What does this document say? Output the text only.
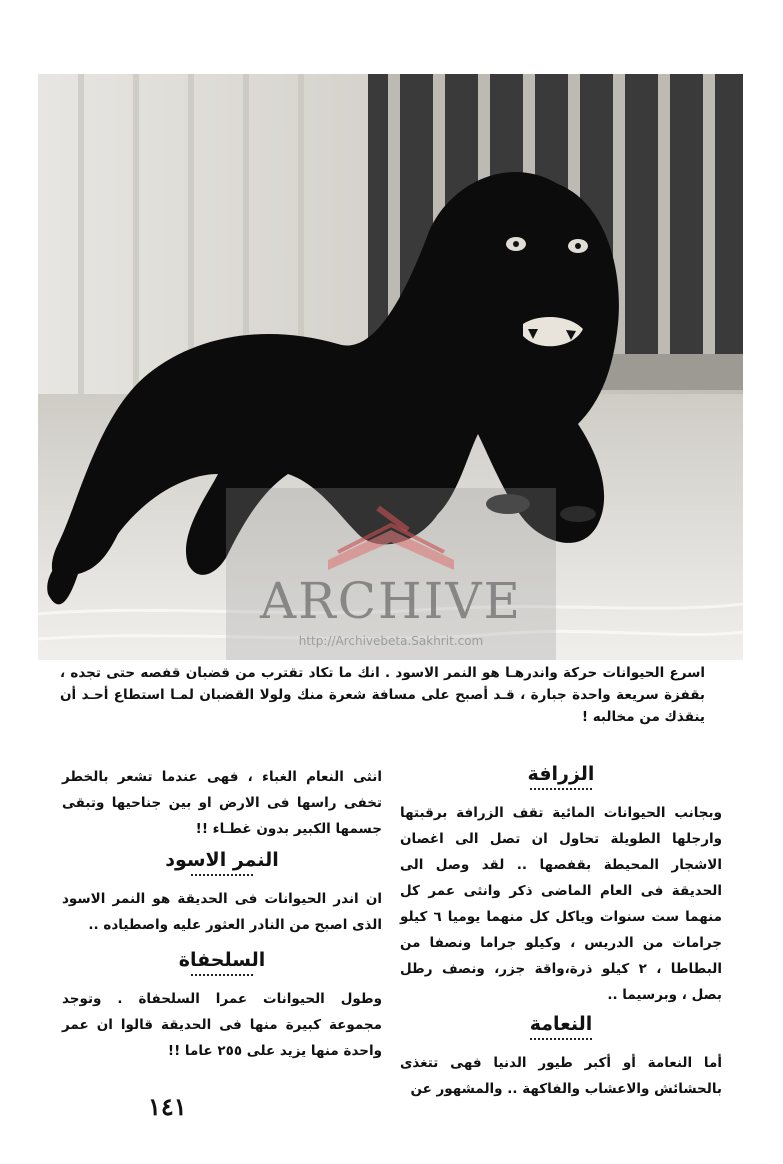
ARCHIVE
http://Archivebeta.Sakhrit.com
اسرع الحيوانات حركة واندرهـا هو النمر الاسود . انك ما تكاد تقترب من قضبان قفصه حتى تجده ، بقفزة سريعة واحدة جبارة ، قـد أصبح على مسافة شعرة منك ولولا القضبان لمـا استطاع أحـد أن ينقذك من مخالبه !

الزرافة

وبجانب الحيوانات المائية تقف الزرافة برقبتها وارجلها الطويلة تحاول ان تصل الى اغصان الاشجار المحيطة بقفصها .. لقد وصل الى الحديقة فى العام الماضى ذكر وانثى عمر كل منهما ست سنوات وياكل كل منهما يوميا ٦ كيلو جرامات من الدريس ، وكيلو جراما ونصفا من البطاطا ، ٢ كيلو ذرة،واقة جزر، ونصف رطل بصل ، وبرسيما ..

النعامة

أما النعامة أو أكبر طيور الدنيا فهى تتغذى بالحشائش والاعشاب والفاكهة .. والمشهور عن

انثى النعام الغباء ، فهى عندما تشعر بالخطر تخفى راسها فى الارض او بين جناحيها وتبقى جسمها الكبير بدون غطـاء !!

النمر الاسود

ان اندر الحيوانات فى الحديقة هو النمر الاسود الذى اصبح من النادر العثور عليه واصطياده ..

السلحفاة

وطول الحيوانات عمرا السلحفاة . وتوجد مجموعة كبيرة منها فى الحديقة قالوا ان عمر واحدة منها يزيد على ٢٥٥ عاما !!

١٤١
